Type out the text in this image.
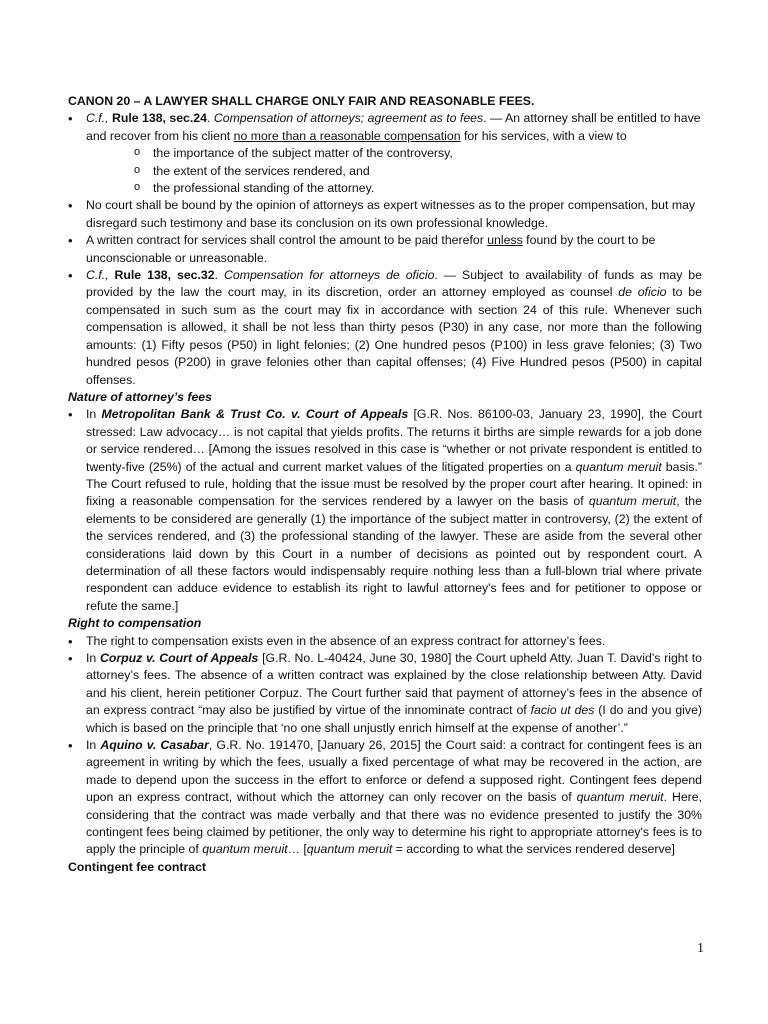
CANON 20 – A LAWYER SHALL CHARGE ONLY FAIR AND REASONABLE FEES.

• C.f., Rule 138, sec.24. Compensation of attorneys; agreement as to fees. — An attorney shall be entitled to have and recover from his client no more than a reasonable compensation for his services, with a view to
o the importance of the subject matter of the controversy,
o the extent of the services rendered, and
o the professional standing of the attorney.
• No court shall be bound by the opinion of attorneys as expert witnesses as to the proper compensation, but may disregard such testimony and base its conclusion on its own professional knowledge.
• A written contract for services shall control the amount to be paid therefor unless found by the court to be unconscionable or unreasonable.
• C.f., Rule 138, sec.32. Compensation for attorneys de oficio. — Subject to availability of funds as may be provided by the law the court may, in its discretion, order an attorney employed as counsel de oficio to be compensated in such sum as the court may fix in accordance with section 24 of this rule. Whenever such compensation is allowed, it shall be not less than thirty pesos (P30) in any case, nor more than the following amounts: (1) Fifty pesos (P50) in light felonies; (2) One hundred pesos (P100) in less grave felonies; (3) Two hundred pesos (P200) in grave felonies other than capital offenses; (4) Five Hundred pesos (P500) in capital offenses.

Nature of attorney’s fees

• In Metropolitan Bank & Trust Co. v. Court of Appeals [G.R. Nos. 86100-03, January 23, 1990], the Court stressed: Law advocacy… is not capital that yields profits. The returns it births are simple rewards for a job done or service rendered… [Among the issues resolved in this case is “whether or not private respondent is entitled to twenty-five (25%) of the actual and current market values of the litigated properties on a quantum meruit basis.” The Court refused to rule, holding that the issue must be resolved by the proper court after hearing. It opined: in fixing a reasonable compensation for the services rendered by a lawyer on the basis of quantum meruit, the elements to be considered are generally (1) the importance of the subject matter in controversy, (2) the extent of the services rendered, and (3) the professional standing of the lawyer. These are aside from the several other considerations laid down by this Court in a number of decisions as pointed out by respondent court. A determination of all these factors would indispensably require nothing less than a full-blown trial where private respondent can adduce evidence to establish its right to lawful attorney's fees and for petitioner to oppose or refute the same.]

Right to compensation

• The right to compensation exists even in the absence of an express contract for attorney’s fees.
• In Corpuz v. Court of Appeals [G.R. No. L-40424, June 30, 1980] the Court upheld Atty. Juan T. David’s right to attorney’s fees. The absence of a written contract was explained by the close relationship between Atty. David and his client, herein petitioner Corpuz. The Court further said that payment of attorney’s fees in the absence of an express contract “may also be justified by virtue of the innominate contract of facio ut des (I do and you give) which is based on the principle that ‘no one shall unjustly enrich himself at the expense of another’.”
• In Aquino v. Casabar, G.R. No. 191470, [January 26, 2015] the Court said: a contract for contingent fees is an agreement in writing by which the fees, usually a fixed percentage of what may be recovered in the action, are made to depend upon the success in the effort to enforce or defend a supposed right. Contingent fees depend upon an express contract, without which the attorney can only recover on the basis of quantum meruit. Here, considering that the contract was made verbally and that there was no evidence presented to justify the 30% contingent fees being claimed by petitioner, the only way to determine his right to appropriate attorney's fees is to apply the principle of quantum meruit… [quantum meruit = according to what the services rendered deserve]

Contingent fee contract

1
